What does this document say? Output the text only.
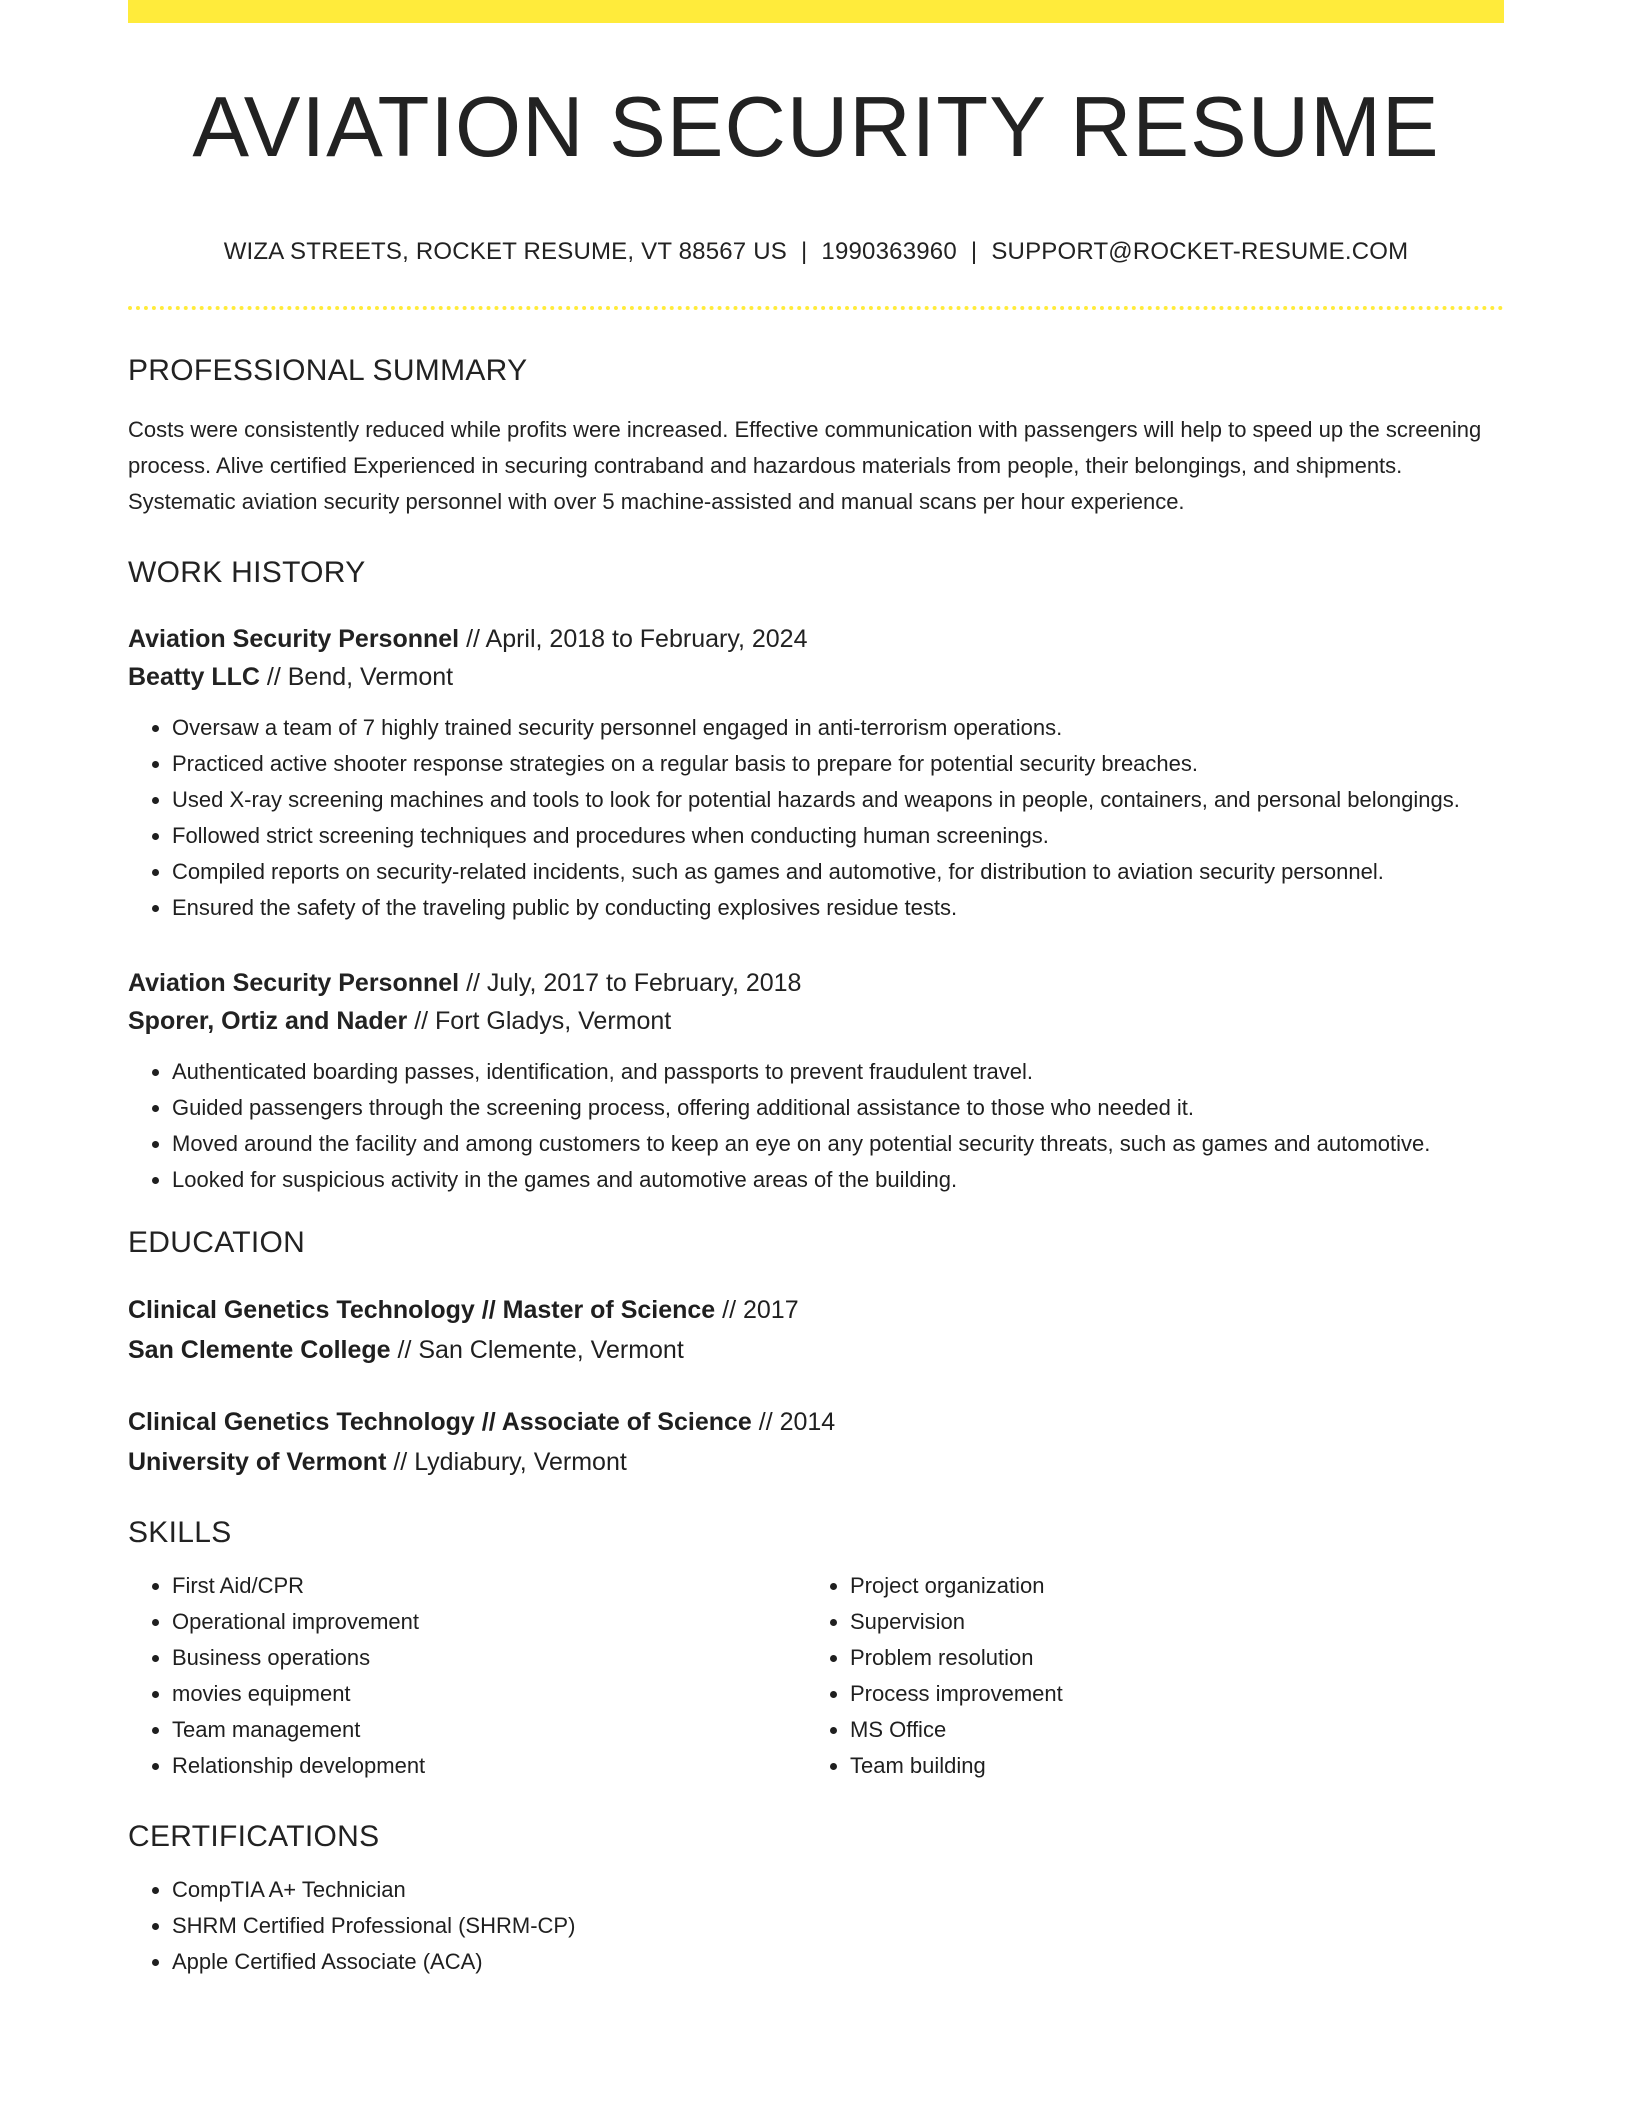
AVIATION SECURITY RESUME
WIZA STREETS, ROCKET RESUME, VT 88567 US | 1990363960 | SUPPORT@ROCKET-RESUME.COM
PROFESSIONAL SUMMARY

Costs were consistently reduced while profits were increased. Effective communication with passengers will help to speed up the screening process. Alive certified Experienced in securing contraband and hazardous materials from people, their belongings, and shipments. Systematic aviation security personnel with over 5 machine-assisted and manual scans per hour experience.

WORK HISTORY
Aviation Security Personnel // April, 2018 to February, 2024
Beatty LLC // Bend, Vermont
• Oversaw a team of 7 highly trained security personnel engaged in anti-terrorism operations.
• Practiced active shooter response strategies on a regular basis to prepare for potential security breaches.
• Used X-ray screening machines and tools to look for potential hazards and weapons in people, containers, and personal belongings.
• Followed strict screening techniques and procedures when conducting human screenings.
• Compiled reports on security-related incidents, such as games and automotive, for distribution to aviation security personnel.
• Ensured the safety of the traveling public by conducting explosives residue tests.
Aviation Security Personnel // July, 2017 to February, 2018
Sporer, Ortiz and Nader // Fort Gladys, Vermont
• Authenticated boarding passes, identification, and passports to prevent fraudulent travel.
• Guided passengers through the screening process, offering additional assistance to those who needed it.
• Moved around the facility and among customers to keep an eye on any potential security threats, such as games and automotive.
• Looked for suspicious activity in the games and automotive areas of the building.
EDUCATION
Clinical Genetics Technology // Master of Science // 2017
San Clemente College // San Clemente, Vermont
Clinical Genetics Technology // Associate of Science // 2014
University of Vermont // Lydiabury, Vermont
SKILLS
• First Aid/CPR
• Operational improvement
• Business operations
• movies equipment
• Team management
• Relationship development
• Project organization
• Supervision
• Problem resolution
• Process improvement
• MS Office
• Team building
CERTIFICATIONS
• CompTIA A+ Technician
• SHRM Certified Professional (SHRM-CP)
• Apple Certified Associate (ACA)
